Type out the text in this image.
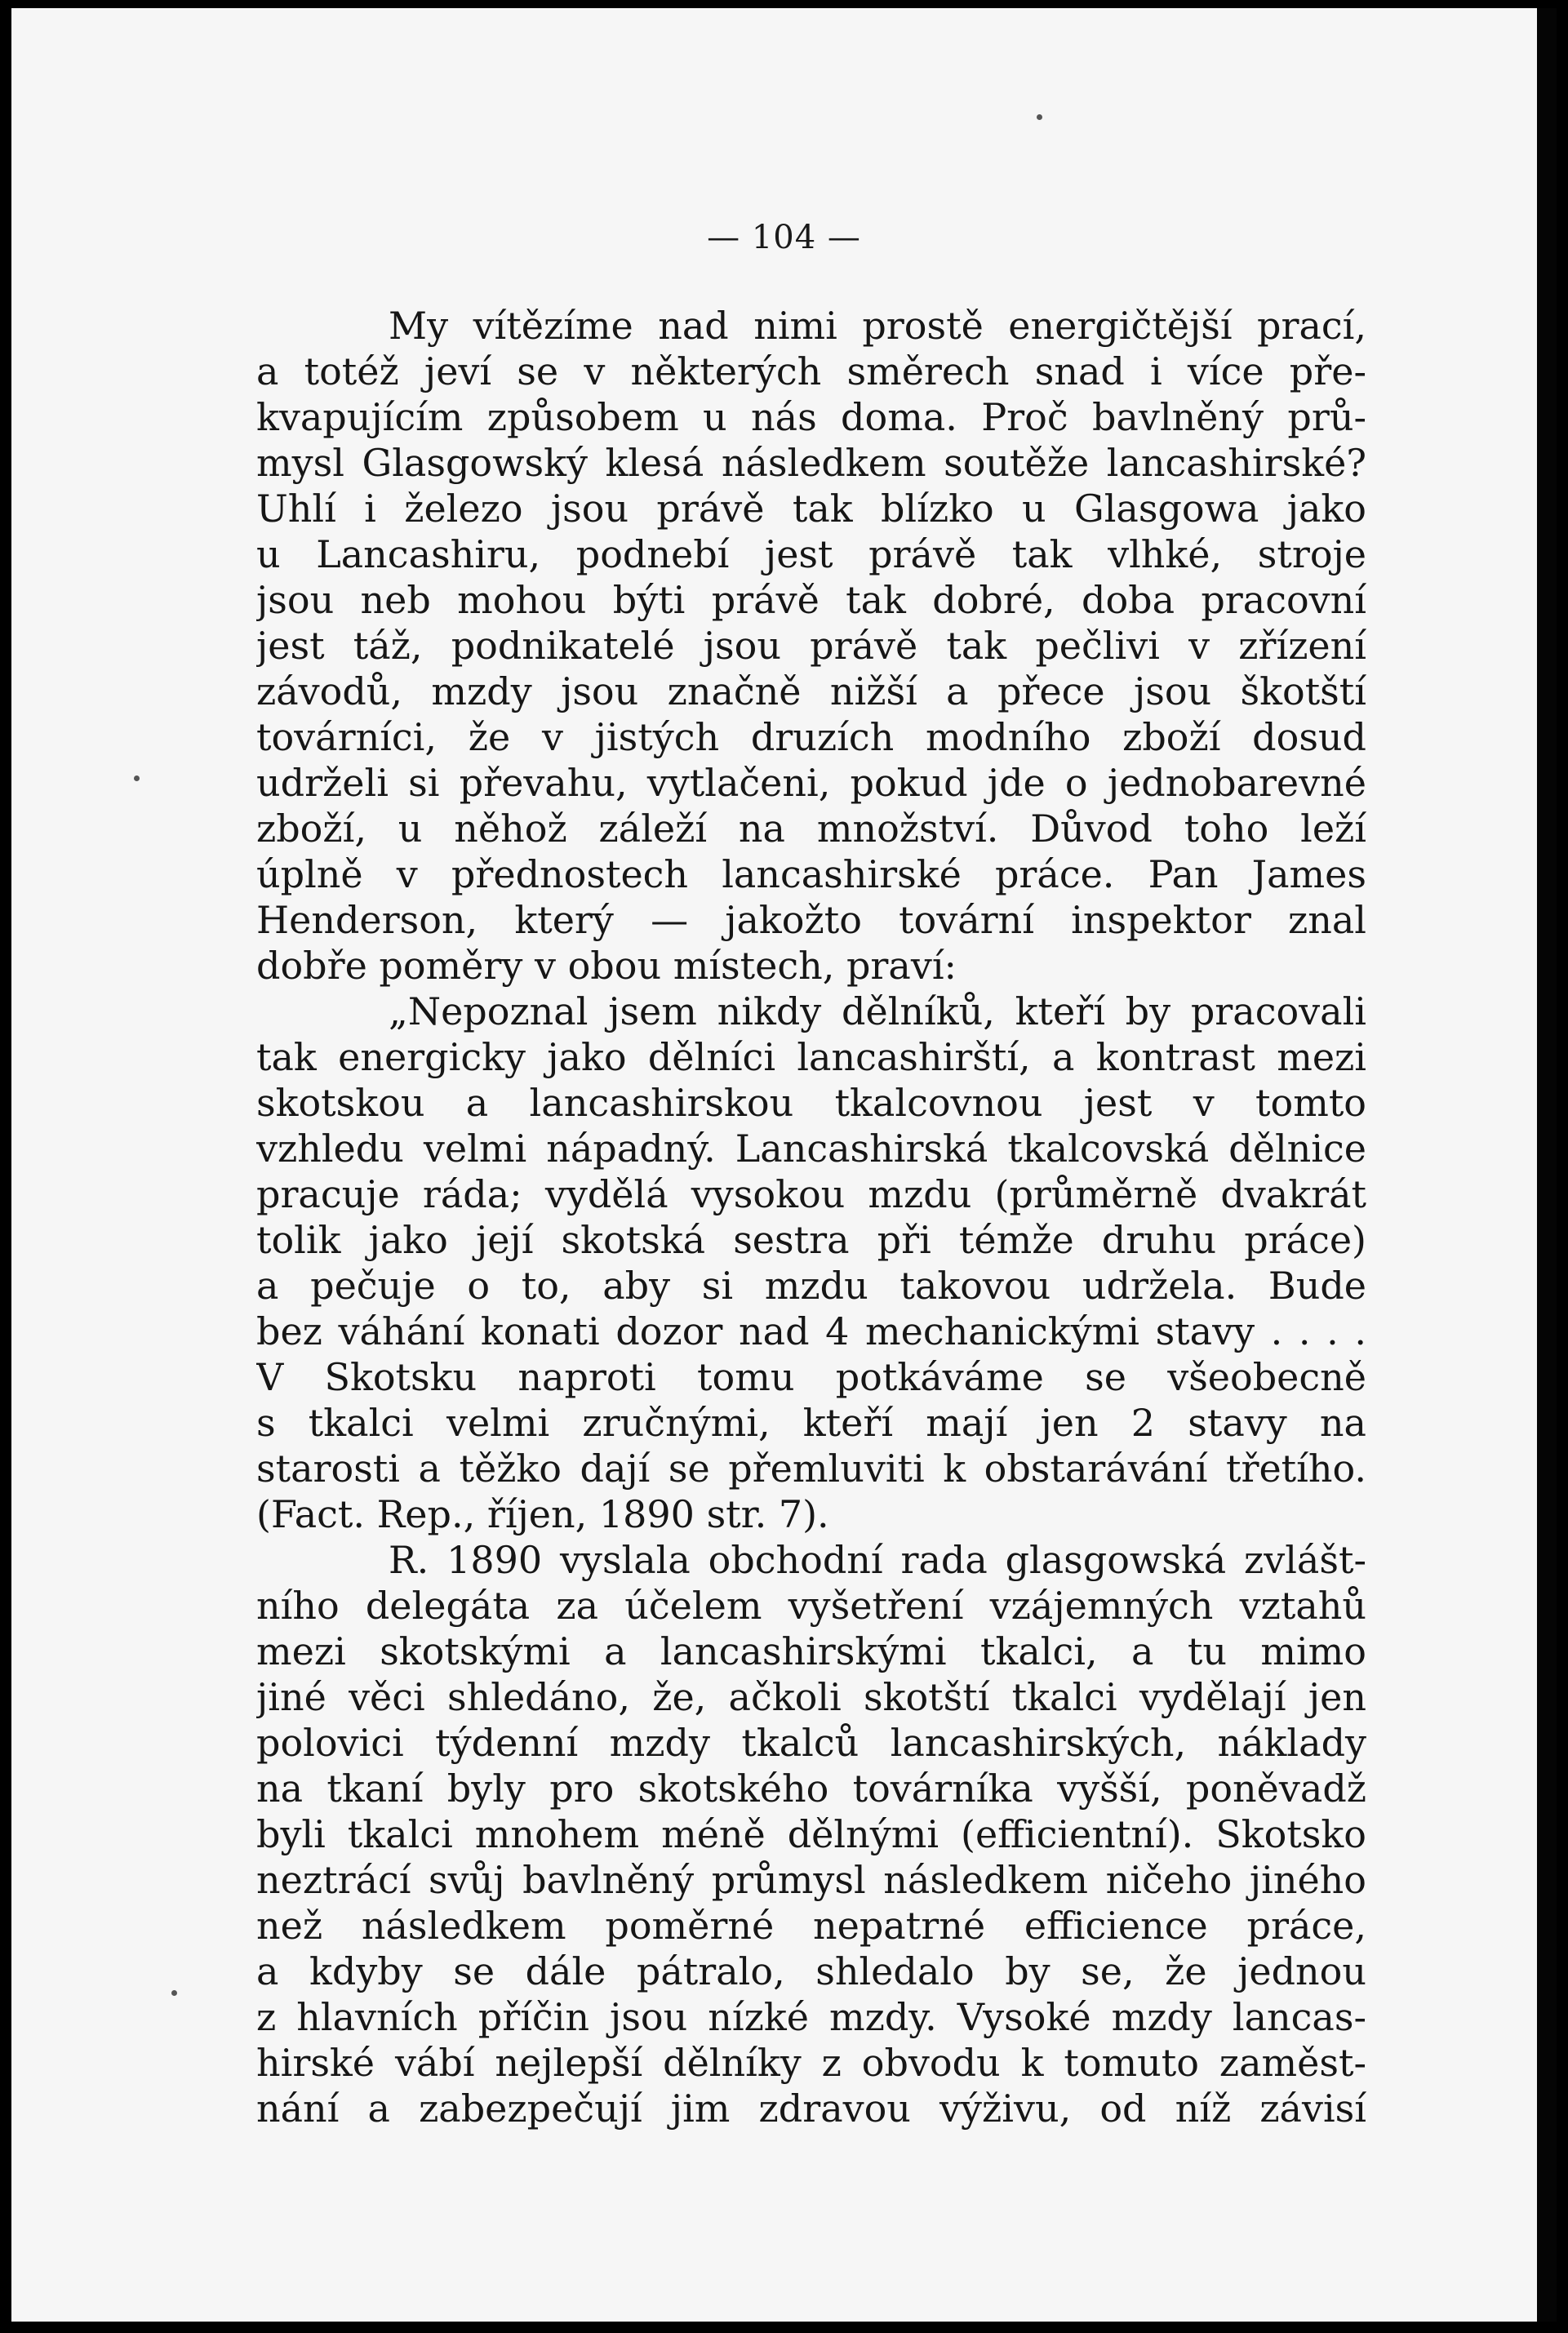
— 104 —
My vítězíme nad nimi prostě energičtější prací,
a totéž jeví se v některých směrech snad i více pře-
kvapujícím způsobem u nás doma. Proč bavlněný prů-
mysl Glasgowský klesá následkem soutěže lancashirské?
Uhlí i železo jsou právě tak blízko u Glasgowa jako
u Lancashiru, podnebí jest právě tak vlhké, stroje
jsou neb mohou býti právě tak dobré, doba pracovní
jest táž, podnikatelé jsou právě tak pečlivi v zřízení
závodů, mzdy jsou značně nižší a přece jsou škotští
továrníci, že v jistých druzích modního zboží dosud
udrželi si převahu, vytlačeni, pokud jde o jednobarevné
zboží, u něhož záleží na množství. Důvod toho leží
úplně v přednostech lancashirské práce. Pan James
Henderson, který — jakožto tovární inspektor znal
dobře poměry v obou místech, praví:
„Nepoznal jsem nikdy dělníků, kteří by pracovali
tak energicky jako dělníci lancashirští, a kontrast mezi
skotskou a lancashirskou tkalcovnou jest v tomto
vzhledu velmi nápadný. Lancashirská tkalcovská dělnice
pracuje ráda; vydělá vysokou mzdu (průměrně dvakrát
tolik jako její skotská sestra při témže druhu práce)
a pečuje o to, aby si mzdu takovou udržela. Bude
bez váhání konati dozor nad 4 mechanickými stavy . . . .
V Skotsku naproti tomu potkáváme se všeobecně
s tkalci velmi zručnými, kteří mají jen 2 stavy na
starosti a těžko dají se přemluviti k obstarávání třetího.
(Fact. Rep., říjen, 1890 str. 7).
R. 1890 vyslala obchodní rada glasgowská zvlášt-
ního delegáta za účelem vyšetření vzájemných vztahů
mezi skotskými a lancashirskými tkalci, a tu mimo
jiné věci shledáno, že, ačkoli skotští tkalci vydělají jen
polovici týdenní mzdy tkalců lancashirských, náklady
na tkaní byly pro skotského továrníka vyšší, poněvadž
byli tkalci mnohem méně dělnými (efficientní). Skotsko
neztrácí svůj bavlněný průmysl následkem ničeho jiného
než následkem poměrné nepatrné efficience práce,
a kdyby se dále pátralo, shledalo by se, že jednou
z hlavních příčin jsou nízké mzdy. Vysoké mzdy lancas-
hirské vábí nejlepší dělníky z obvodu k tomuto zaměst-
nání a zabezpečují jim zdravou výživu, od níž závisí
